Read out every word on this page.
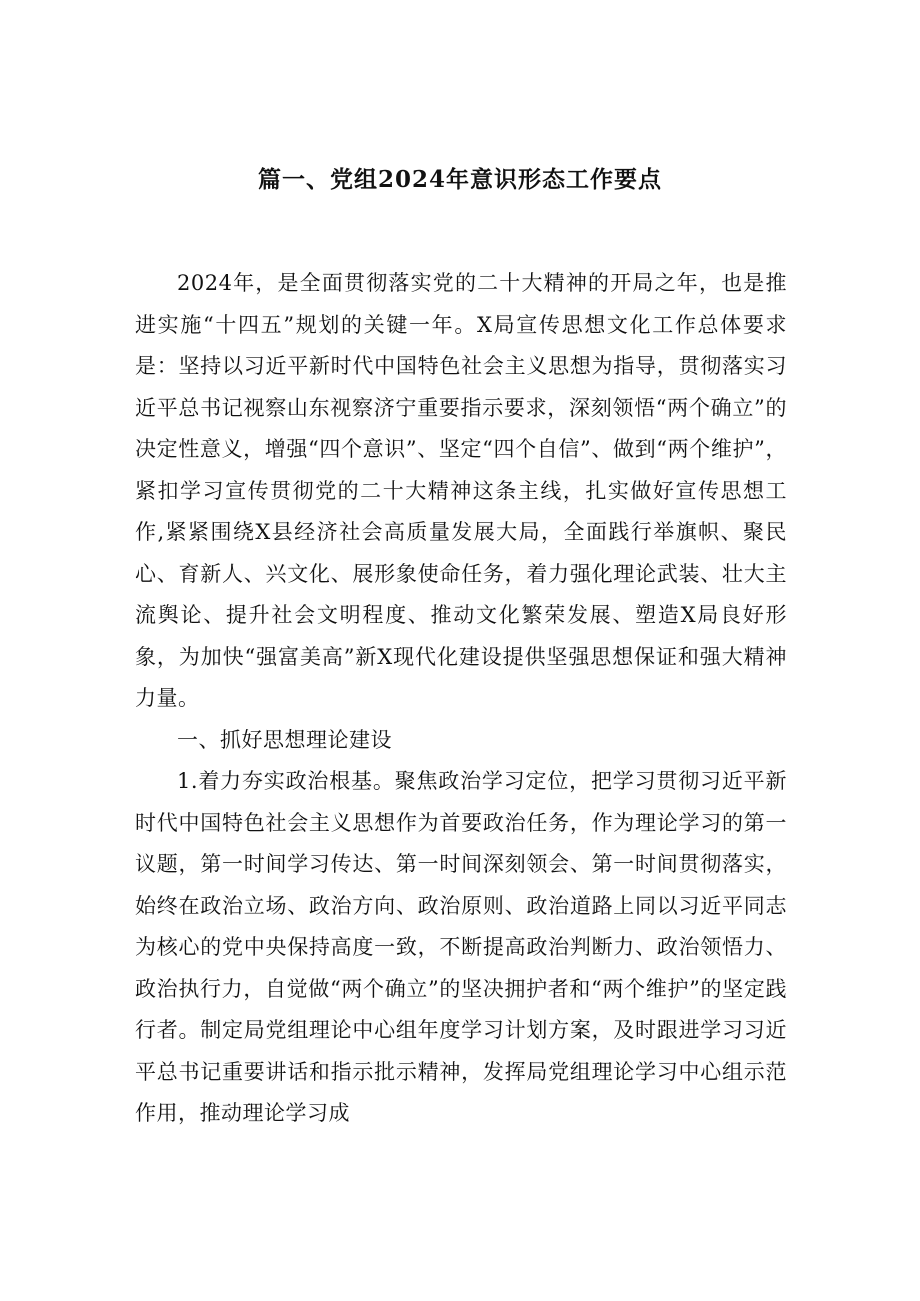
篇一、党组2024年意识形态工作要点

2024年，是全面贯彻落实党的二十大精神的开局之年，也是推进实施“十四五”规划的关键一年。X局宣传思想文化工作总体要求是：坚持以习近平新时代中国特色社会主义思想为指导，贯彻落实习近平总书记视察山东视察济宁重要指示要求，深刻领悟“两个确立”的决定性意义，增强“四个意识”、坚定“四个自信”、做到“两个维护”，紧扣学习宣传贯彻党的二十大精神这条主线，扎实做好宣传思想工作,紧紧围绕X县经济社会高质量发展大局，全面践行举旗帜、聚民心、育新人、兴文化、展形象使命任务，着力强化理论武装、壮大主流舆论、提升社会文明程度、推动文化繁荣发展、塑造X局良好形象，为加快“强富美高”新X现代化建设提供坚强思想保证和强大精神力量。

一、抓好思想理论建设

1.着力夯实政治根基。聚焦政治学习定位，把学习贯彻习近平新时代中国特色社会主义思想作为首要政治任务，作为理论学习的第一议题，第一时间学习传达、第一时间深刻领会、第一时间贯彻落实，始终在政治立场、政治方向、政治原则、政治道路上同以习近平同志为核心的党中央保持高度一致，不断提高政治判断力、政治领悟力、政治执行力，自觉做“两个确立”的坚决拥护者和“两个维护”的坚定践行者。制定局党组理论中心组年度学习计划方案，及时跟进学习习近平总书记重要讲话和指示批示精神，发挥局党组理论学习中心组示范作用，推动理论学习成
